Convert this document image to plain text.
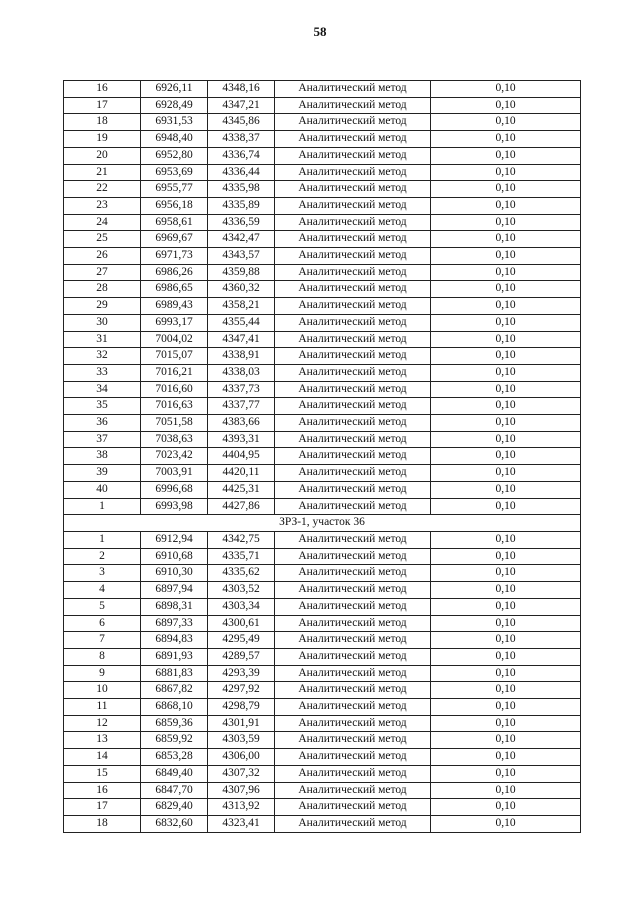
58
16	6926,11	4348,16	Аналитический метод	0,10
17	6928,49	4347,21	Аналитический метод	0,10
18	6931,53	4345,86	Аналитический метод	0,10
19	6948,40	4338,37	Аналитический метод	0,10
20	6952,80	4336,74	Аналитический метод	0,10
21	6953,69	4336,44	Аналитический метод	0,10
22	6955,77	4335,98	Аналитический метод	0,10
23	6956,18	4335,89	Аналитический метод	0,10
24	6958,61	4336,59	Аналитический метод	0,10
25	6969,67	4342,47	Аналитический метод	0,10
26	6971,73	4343,57	Аналитический метод	0,10
27	6986,26	4359,88	Аналитический метод	0,10
28	6986,65	4360,32	Аналитический метод	0,10
29	6989,43	4358,21	Аналитический метод	0,10
30	6993,17	4355,44	Аналитический метод	0,10
31	7004,02	4347,41	Аналитический метод	0,10
32	7015,07	4338,91	Аналитический метод	0,10
33	7016,21	4338,03	Аналитический метод	0,10
34	7016,60	4337,73	Аналитический метод	0,10
35	7016,63	4337,77	Аналитический метод	0,10
36	7051,58	4383,66	Аналитический метод	0,10
37	7038,63	4393,31	Аналитический метод	0,10
38	7023,42	4404,95	Аналитический метод	0,10
39	7003,91	4420,11	Аналитический метод	0,10
40	6996,68	4425,31	Аналитический метод	0,10
1	6993,98	4427,86	Аналитический метод	0,10
ЗРЗ-1, участок 36				
1	6912,94	4342,75	Аналитический метод	0,10
2	6910,68	4335,71	Аналитический метод	0,10
3	6910,30	4335,62	Аналитический метод	0,10
4	6897,94	4303,52	Аналитический метод	0,10
5	6898,31	4303,34	Аналитический метод	0,10
6	6897,33	4300,61	Аналитический метод	0,10
7	6894,83	4295,49	Аналитический метод	0,10
8	6891,93	4289,57	Аналитический метод	0,10
9	6881,83	4293,39	Аналитический метод	0,10
10	6867,82	4297,92	Аналитический метод	0,10
11	6868,10	4298,79	Аналитический метод	0,10
12	6859,36	4301,91	Аналитический метод	0,10
13	6859,92	4303,59	Аналитический метод	0,10
14	6853,28	4306,00	Аналитический метод	0,10
15	6849,40	4307,32	Аналитический метод	0,10
16	6847,70	4307,96	Аналитический метод	0,10
17	6829,40	4313,92	Аналитический метод	0,10
18	6832,60	4323,41	Аналитический метод	0,10
